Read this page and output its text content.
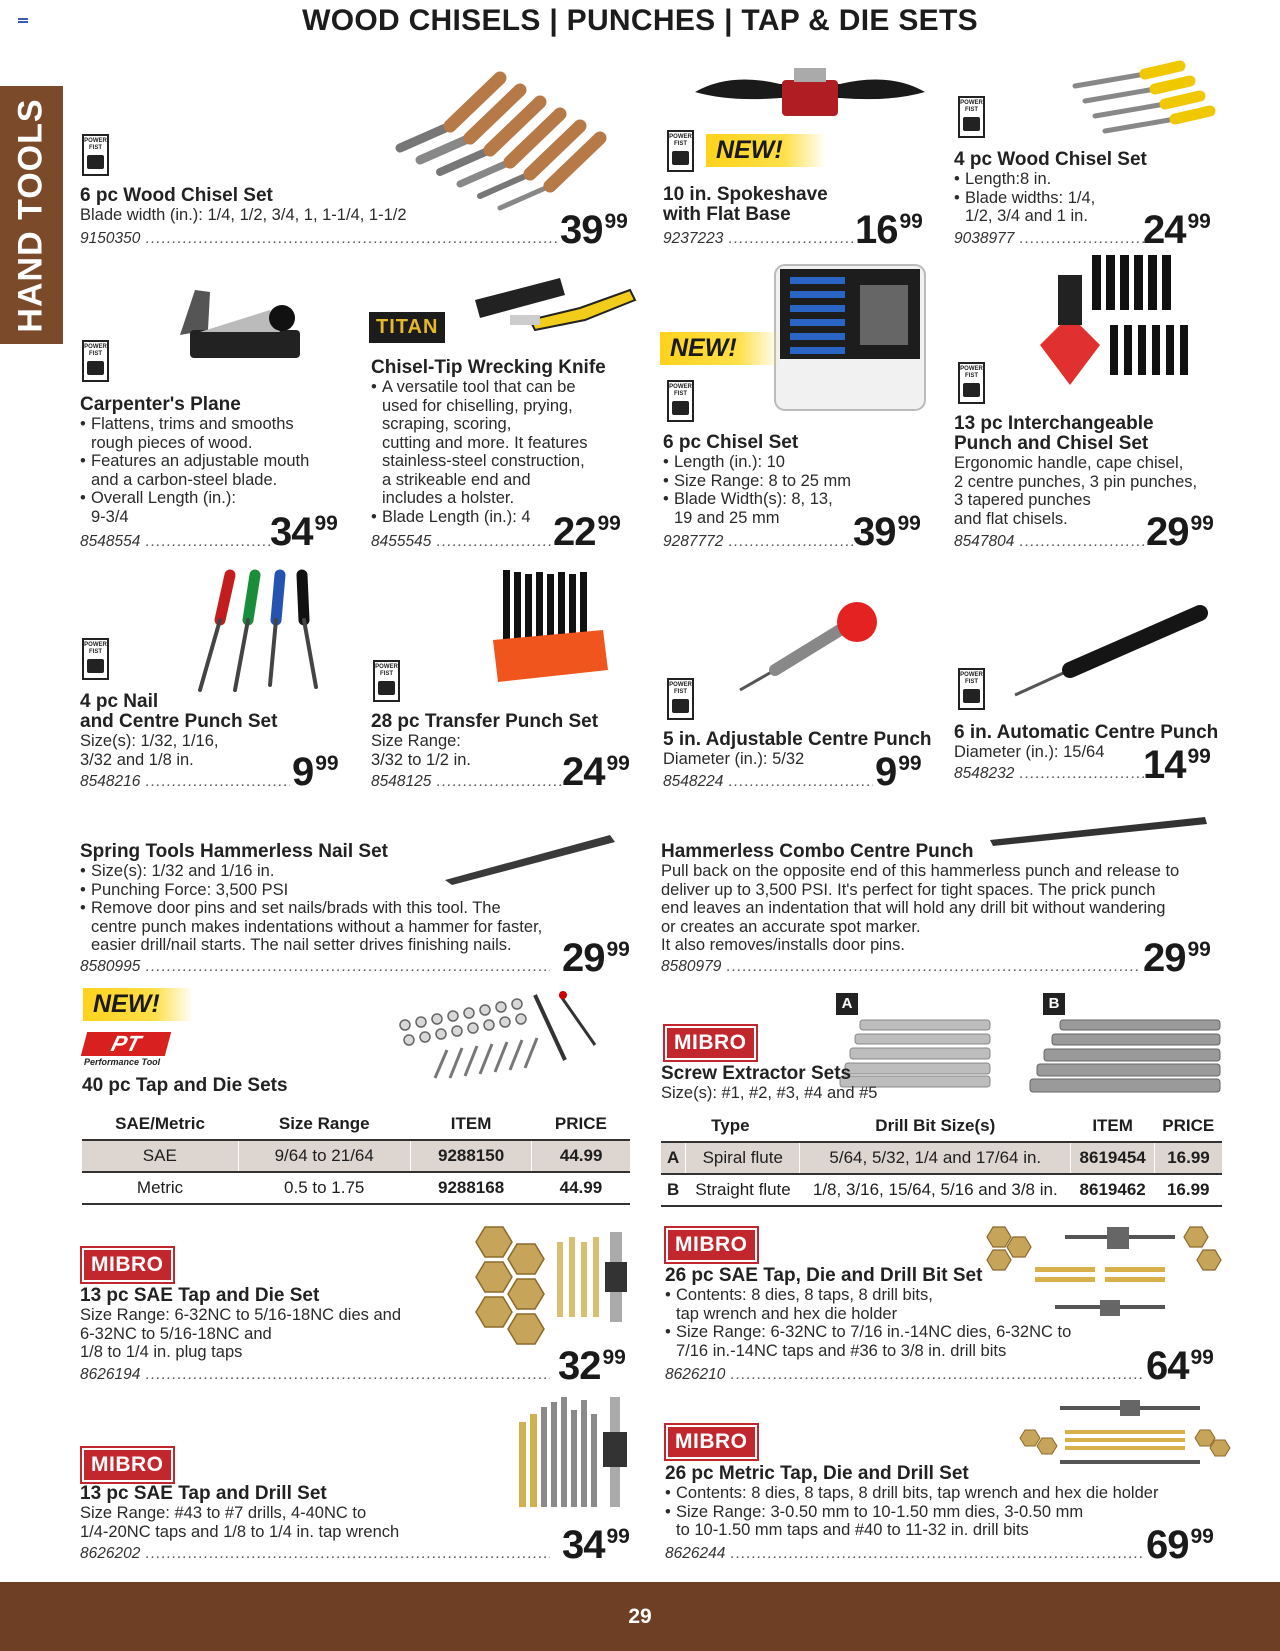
WOOD CHISELS | PUNCHES | TAP & DIE SETS
HAND TOOLS	POWER FIST
6 pc Wood Chisel Set
Blade width (in.): 1/4, 1/2, 3/4, 1, 1-1/4, 1-1/2
9150350 .....	$39^{99}$
POWER FIST	NEW!
10 in. Spokeshave
with Flat Base
9237223 .....	$16^{99}$
POWER FIST
4 pc Wood Chisel Set
• Length:8 in.
• Blade widths: 1/4,
1/2, 3/4 and 1 in.
9038977 .....	$24^{99}$
POWER FIST
Carpenter's Plane
• Flattens, trims and smooths
rough pieces of wood.
• Features an adjustable mouth
and a carbon-steel blade.
• Overall Length (in.):
9-3/4
8548554 .....	$34^{99}$
TITAN
Chisel-Tip Wrecking Knife
• A versatile tool that can be
used for chiselling, prying,
scraping, scoring,
cutting and more. It features
stainless-steel construction,
a strikeable end and
includes a holster.
• Blade Length (in.): 4
8455545 .....	$22^{99}$
NEW!
POWER FIST
6 pc Chisel Set
• Length (in.): 10
• Size Range: 8 to 25 mm
• Blade Width(s): 8, 13,
19 and 25 mm
9287772 .....	$39^{99}$
POWER FIST
13 pc Interchangeable
Punch and Chisel Set
Ergonomic handle, cape chisel,
2 centre punches, 3 pin punches,
3 tapered punches
and flat chisels.
8547804 .....	$29^{99}$
POWER FIST
4 pc Nail
and Centre Punch Set
Size(s): 1/32, 1/16,
3/32 and 1/8 in.
8548216 .....	$9^{99}$
POWER FIST
28 pc Transfer Punch Set
Size Range:
3/32 to 1/2 in.
8548125 .....	$24^{99}$
POWER FIST
5 in. Adjustable Centre Punch
Diameter (in.): 5/32
8548224 .....	$9^{99}$
POWER FIST
6 in. Automatic Centre Punch
Diameter (in.): 15/64
8548232 .....	$14^{99}$
Spring Tools Hammerless Nail Set
• Size(s): 1/32 and 1/16 in.
• Punching Force: 3,500 PSI
• Remove door pins and set nails/brads with this tool. The
centre punch makes indentations without a hammer for faster,
easier drill/nail starts. The nail setter drives finishing nails.
8580995 .....	$29^{99}$
Hammerless Combo Centre Punch
Pull back on the opposite end of this hammerless punch and release to
deliver up to 3,500 PSI. It's perfect for tight spaces. The prick punch
end leaves an indentation that will hold any drill bit without wandering
or creates an accurate spot marker.
It also removes/installs door pins.
8580979 .....	$29^{99}$
NEW!
PT
Performance Tool
40 pc Tap and Die Sets
SAE/Metric	Size Range	ITEM	PRICE
SAE	9/64 to 21/64	9288150	44.99
Metric	0.5 to 1.75	9288168	44.99
A	B
MIBRO
Screw Extractor Sets
Size(s): #1, #2, #3, #4 and #5
Type		Drill Bit Size(s)	ITEM	PRICE
A	Spiral flute	5/64, 5/32, 1/4 and 17/64 in.	8619454	16.99
B	Straight flute	1/8, 3/16, 15/64, 5/16 and 3/8 in.	8619462	16.99
MIBRO
13 pc SAE Tap and Die Set
Size Range: 6-32NC to 5/16-18NC dies and
6-32NC to 5/16-18NC and
1/8 to 1/4 in. plug taps
8626194 .....	$32^{99}$
MIBRO
26 pc SAE Tap, Die and Drill Bit Set
• Contents: 8 dies, 8 taps, 8 drill bits,
tap wrench and hex die holder
• Size Range: 6-32NC to 7/16 in.-14NC dies, 6-32NC to
7/16 in.-14NC taps and #36 to 3/8 in. drill bits
8626210 .....	$64^{99}$
MIBRO
13 pc SAE Tap and Drill Set
Size Range: #43 to #7 drills, 4-40NC to
1/4-20NC taps and 1/8 to 1/4 in. tap wrench
8626202 .....	$34^{99}$
MIBRO
26 pc Metric Tap, Die and Drill Set
• Contents: 8 dies, 8 taps, 8 drill bits, tap wrench and hex die holder
• Size Range: 3-0.50 mm to 10-1.50 mm dies, 3-0.50 mm
to 10-1.50 mm taps and #40 to 11-32 in. drill bits
8626244 .....	$69^{99}$
29
